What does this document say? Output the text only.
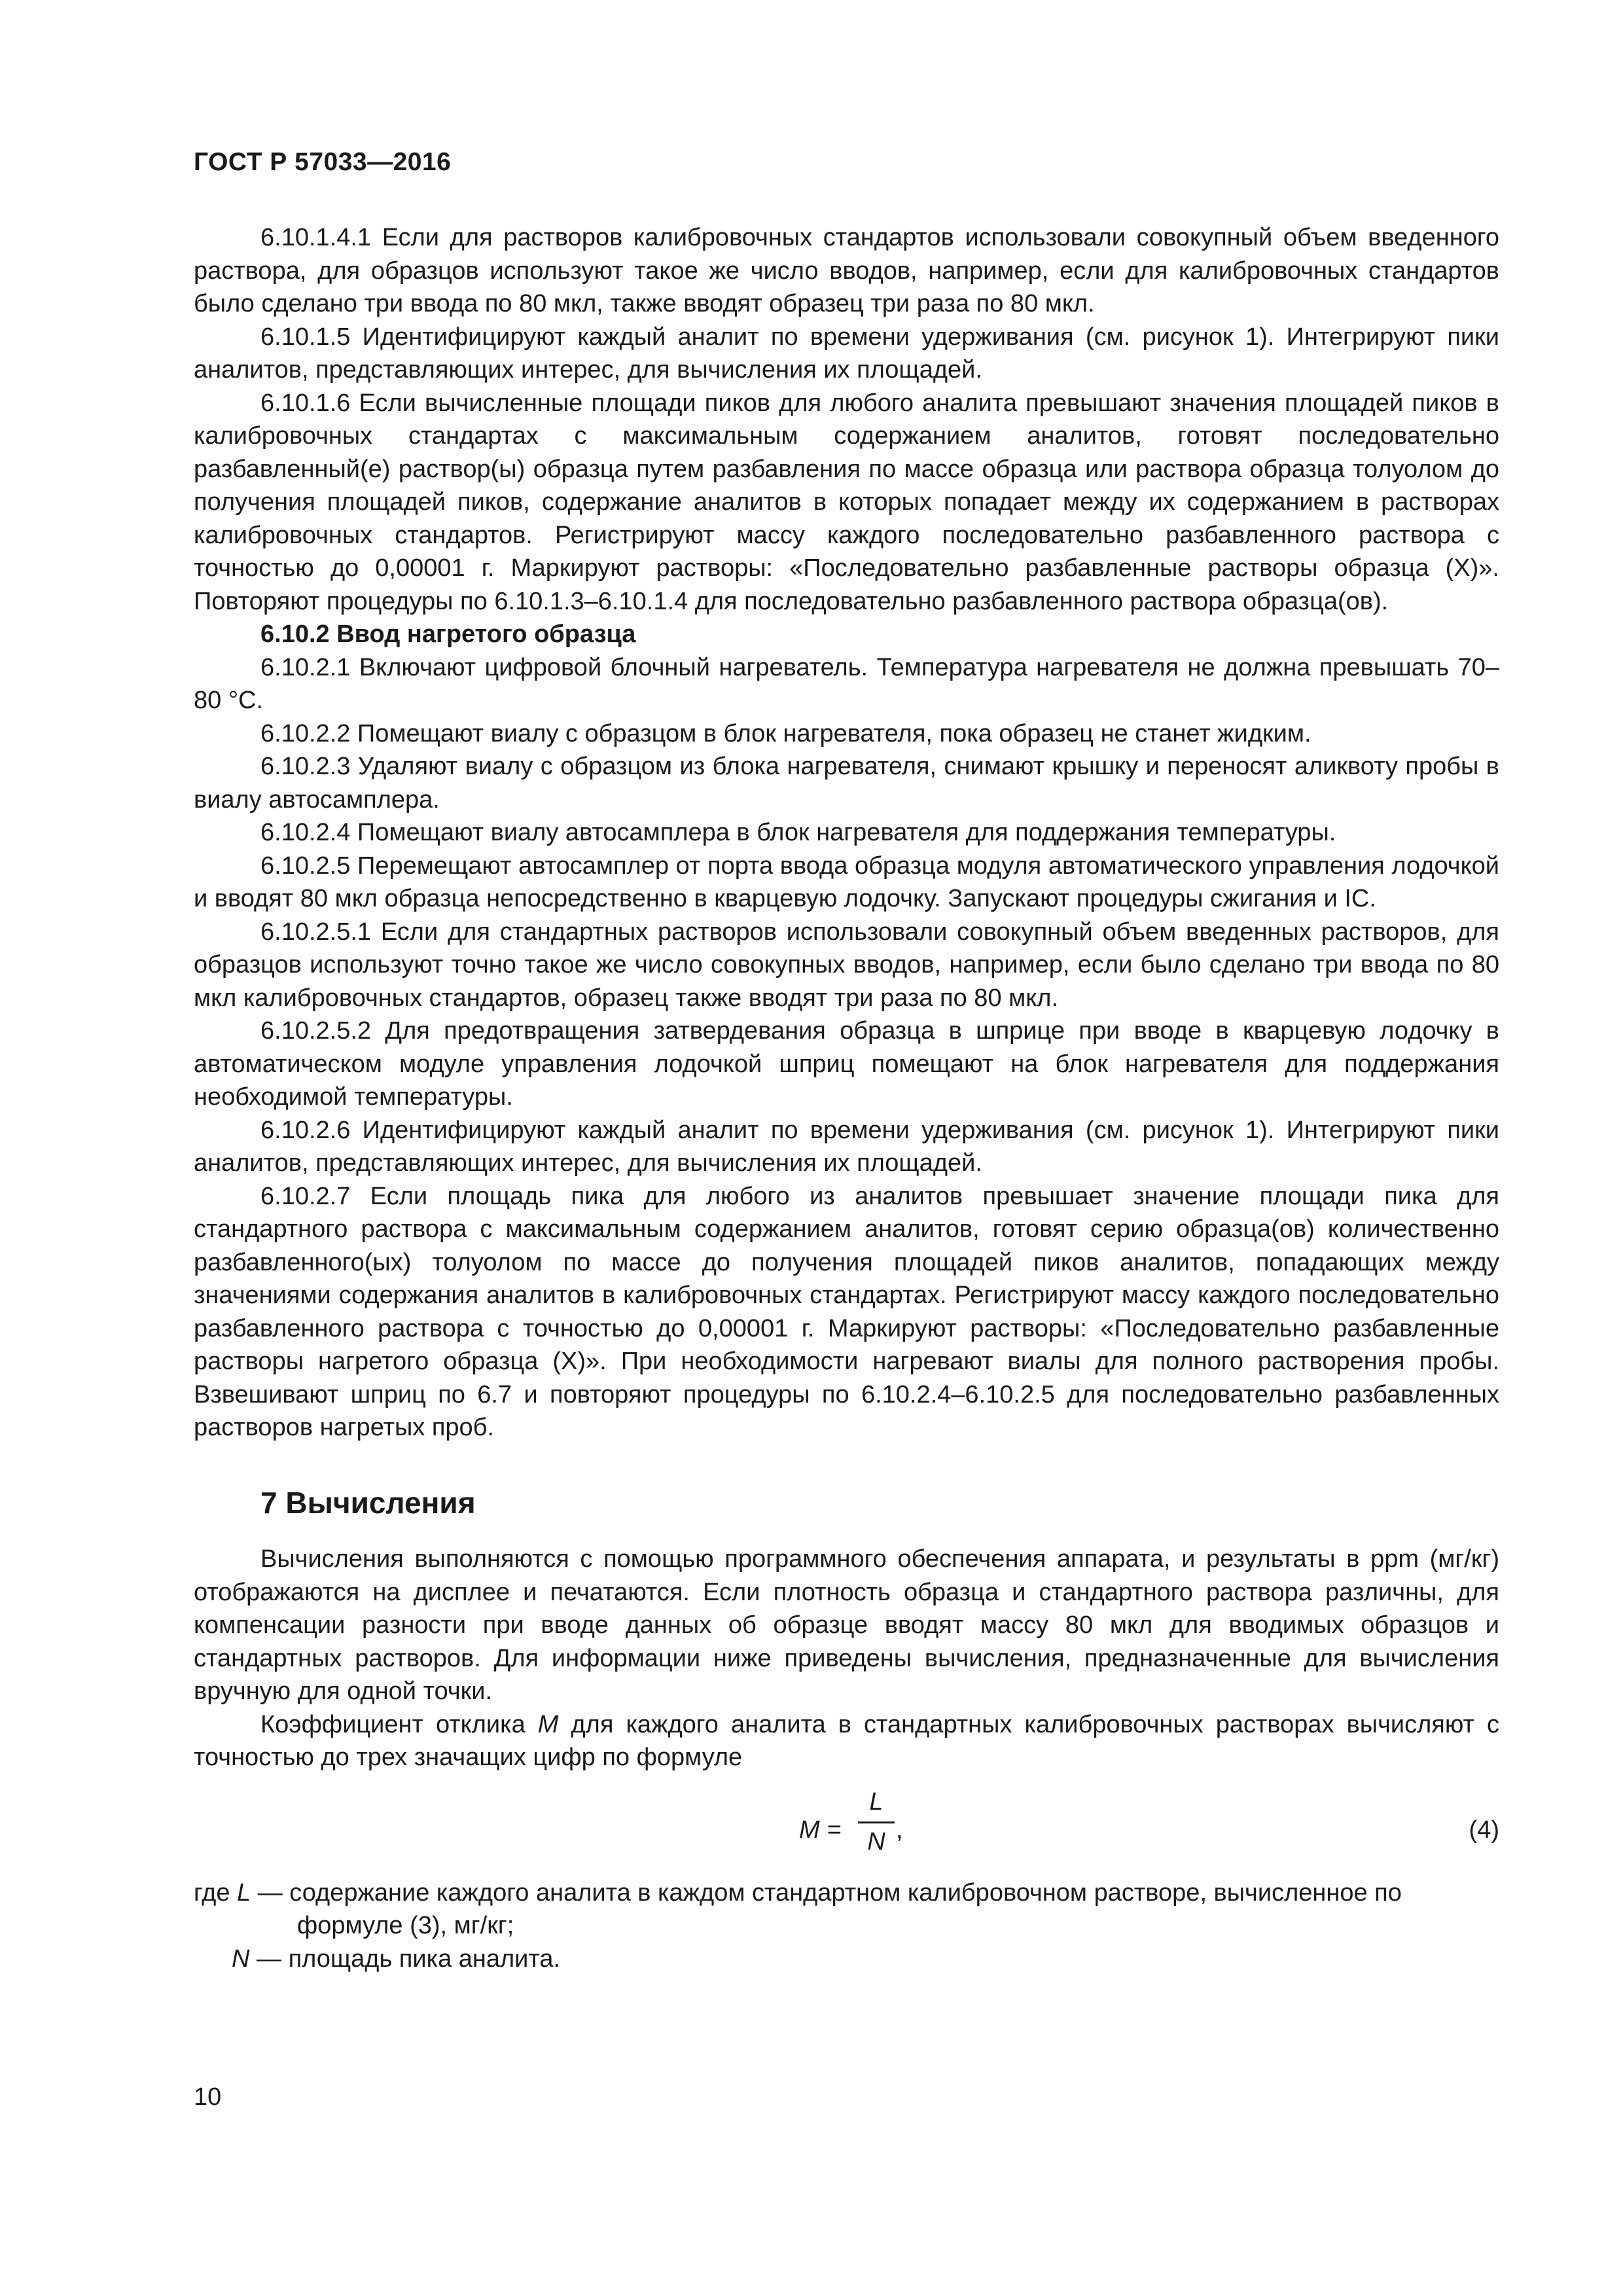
ГОСТ Р 57033—2016

6.10.1.4.1 Если для растворов калибровочных стандартов использовали совокупный объем введенного раствора, для образцов используют такое же число вводов, например, если для калибровочных стандартов было сделано три ввода по 80 мкл, также вводят образец три раза по 80 мкл.

6.10.1.5 Идентифицируют каждый аналит по времени удерживания (см. рисунок 1). Интегрируют пики аналитов, представляющих интерес, для вычисления их площадей.

6.10.1.6 Если вычисленные площади пиков для любого аналита превышают значения площадей пиков в калибровочных стандартах с максимальным содержанием аналитов, готовят последовательно разбавленный(е) раствор(ы) образца путем разбавления по массе образца или раствора образца толуолом до получения площадей пиков, содержание аналитов в которых попадает между их содержанием в растворах калибровочных стандартов. Регистрируют массу каждого последовательно разбавленного раствора с точностью до 0,00001 г. Маркируют растворы: «Последовательно разбавленные растворы образца (X)». Повторяют процедуры по 6.10.1.3–6.10.1.4 для последовательно разбавленного раствора образца(ов).

6.10.2 Ввод нагретого образца

6.10.2.1 Включают цифровой блочный нагреватель. Температура нагревателя не должна превышать 70–80 °С.

6.10.2.2 Помещают виалу с образцом в блок нагревателя, пока образец не станет жидким.

6.10.2.3 Удаляют виалу с образцом из блока нагревателя, снимают крышку и переносят аликвоту пробы в виалу автосамплера.

6.10.2.4 Помещают виалу автосамплера в блок нагревателя для поддержания температуры.

6.10.2.5 Перемещают автосамплер от порта ввода образца модуля автоматического управления лодочкой и вводят 80 мкл образца непосредственно в кварцевую лодочку. Запускают процедуры сжигания и IC.

6.10.2.5.1 Если для стандартных растворов использовали совокупный объем введенных растворов, для образцов используют точно такое же число совокупных вводов, например, если было сделано три ввода по 80 мкл калибровочных стандартов, образец также вводят три раза по 80 мкл.

6.10.2.5.2 Для предотвращения затвердевания образца в шприце при вводе в кварцевую лодочку в автоматическом модуле управления лодочкой шприц помещают на блок нагревателя для поддержания необходимой температуры.

6.10.2.6 Идентифицируют каждый аналит по времени удерживания (см. рисунок 1). Интегрируют пики аналитов, представляющих интерес, для вычисления их площадей.

6.10.2.7 Если площадь пика для любого из аналитов превышает значение площади пика для стандартного раствора с максимальным содержанием аналитов, готовят серию образца(ов) количественно разбавленного(ых) толуолом по массе до получения площадей пиков аналитов, попадающих между значениями содержания аналитов в калибровочных стандартах. Регистрируют массу каждого последовательно разбавленного раствора с точностью до 0,00001 г. Маркируют растворы: «Последовательно разбавленные растворы нагретого образца (X)». При необходимости нагревают виалы для полного растворения пробы. Взвешивают шприц по 6.7 и повторяют процедуры по 6.10.2.4–6.10.2.5 для последовательно разбавленных растворов нагретых проб.

7 Вычисления

Вычисления выполняются с помощью программного обеспечения аппарата, и результаты в ppm (мг/кг) отображаются на дисплее и печатаются. Если плотность образца и стандартного раствора различны, для компенсации разности при вводе данных об образце вводят массу 80 мкл для вводимых образцов и стандартных растворов. Для информации ниже приведены вычисления, предназначенные для вычисления вручную для одной точки.

Коэффициент отклика M для каждого аналита в стандартных калибровочных растворах вычисляют с точностью до трех значащих цифр по формуле

M =
L
N ,	(4)
где L — содержание каждого аналита в каждом стандартном калибровочном растворе, вычисленное по
формуле (3), мг/кг;
N — площадь пика аналита.
10
